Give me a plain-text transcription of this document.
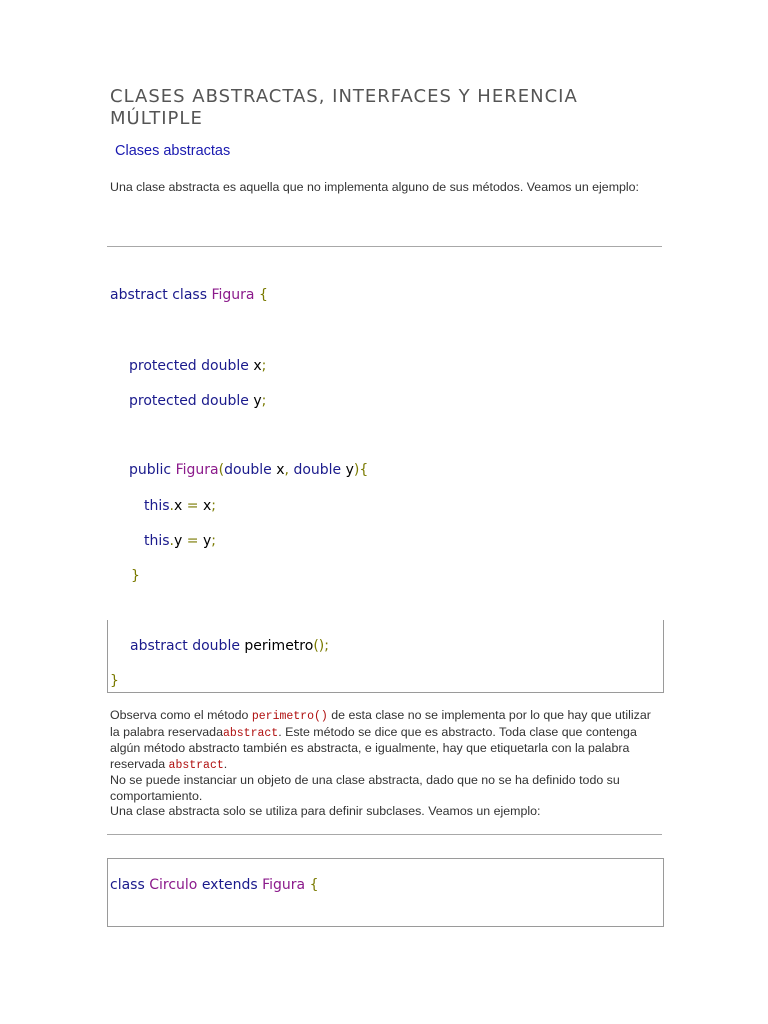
CLASES ABSTRACTAS, INTERFACES Y HERENCIA MÚLTIPLE
Clases abstractas

Una clase abstracta es aquella que no implementa alguno de sus métodos. Veamos un ejemplo:

abstract class Figura {
protected double x;
protected double y;
public Figura(double x, double y){
this.x = x;
this.y = y;
}
abstract double perimetro();
}
Observa como el método perimetro() de esta clase no se implementa por lo que hay que utilizar la palabra reservadaabstract. Este método se dice que es abstracto. Toda clase que contenga algún método abstracto también es abstracta, e igualmente, hay que etiquetarla con la palabra reservada abstract.
No se puede instanciar un objeto de una clase abstracta, dado que no se ha definido todo su comportamiento.
Una clase abstracta solo se utiliza para definir subclases. Veamos un ejemplo:
class Circulo extends Figura {
